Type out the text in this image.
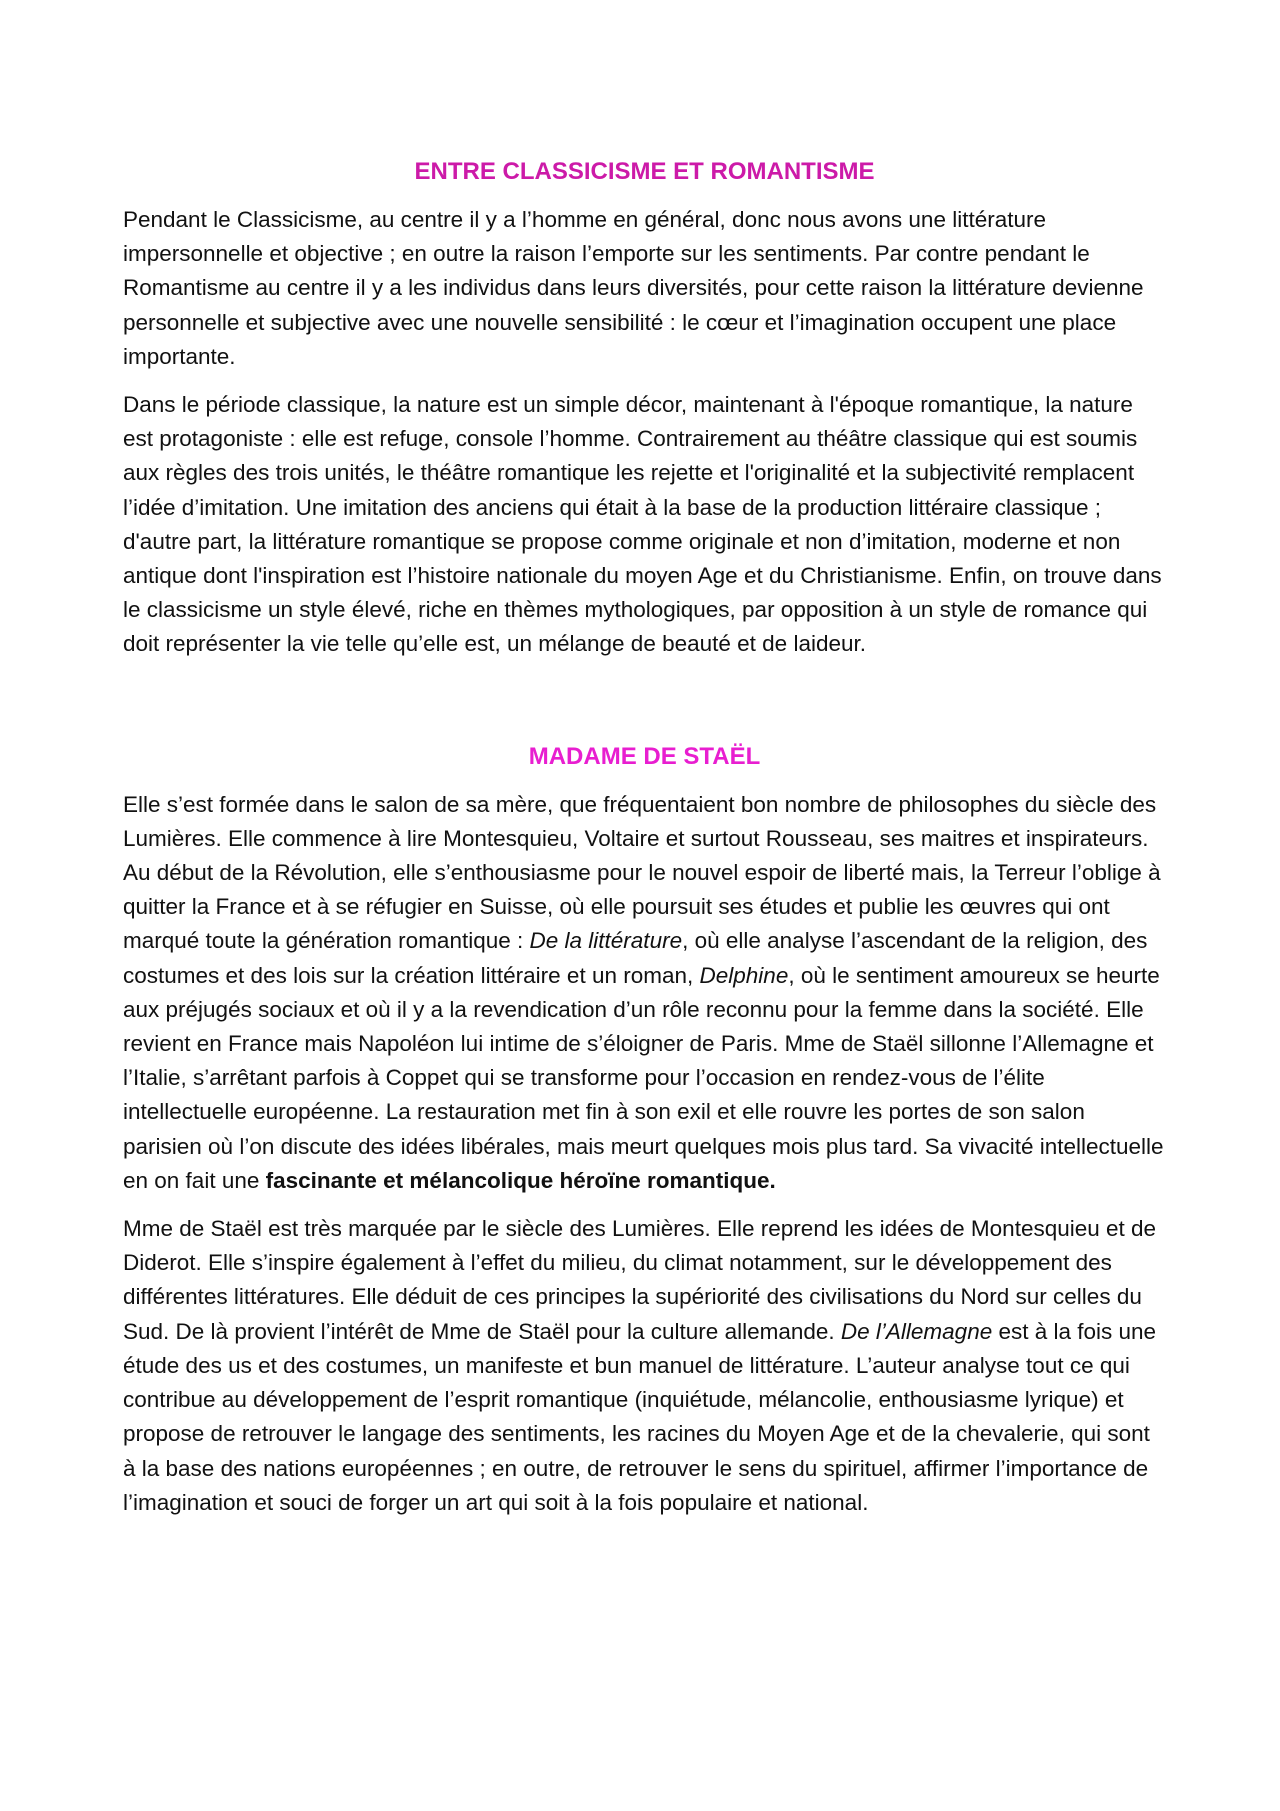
ENTRE CLASSICISME ET ROMANTISME

Pendant le Classicisme, au centre il y a l’homme en général, donc nous avons une littérature impersonnelle et objective ; en outre la raison l’emporte sur les sentiments. Par contre pendant le Romantisme au centre il y a les individus dans leurs diversités, pour cette raison la littérature devienne personnelle et subjective avec une nouvelle sensibilité : le cœur et l’imagination occupent une place importante.

Dans le période classique, la nature est un simple décor, maintenant à l'époque romantique, la nature est protagoniste : elle est refuge, console l’homme. Contrairement au théâtre classique qui est soumis aux règles des trois unités, le théâtre romantique les rejette et l'originalité et la subjectivité remplacent l’idée d’imitation. Une imitation des anciens qui était à la base de la production littéraire classique ; d'autre part, la littérature romantique se propose comme originale et non d’imitation, moderne et non antique dont l'inspiration est l’histoire nationale du moyen Age et du Christianisme. Enfin, on trouve dans le classicisme un style élevé, riche en thèmes mythologiques, par opposition à un style de romance qui doit représenter la vie telle qu’elle est, un mélange de beauté et de laideur.

MADAME DE STAËL

Elle s’est formée dans le salon de sa mère, que fréquentaient bon nombre de philosophes du siècle des Lumières. Elle commence à lire Montesquieu, Voltaire et surtout Rousseau, ses maitres et inspirateurs. Au début de la Révolution, elle s’enthousiasme pour le nouvel espoir de liberté mais, la Terreur l’oblige à quitter la France et à se réfugier en Suisse, où elle poursuit ses études et publie les œuvres qui ont marqué toute la génération romantique : De la littérature, où elle analyse l’ascendant de la religion, des costumes et des lois sur la création littéraire et un roman, Delphine, où le sentiment amoureux se heurte aux préjugés sociaux et où il y a la revendication d’un rôle reconnu pour la femme dans la société. Elle revient en France mais Napoléon lui intime de s’éloigner de Paris. Mme de Staël sillonne l’Allemagne et l’Italie, s’arrêtant parfois à Coppet qui se transforme pour l’occasion en rendez-vous de l’élite intellectuelle européenne. La restauration met fin à son exil et elle rouvre les portes de son salon parisien où l’on discute des idées libérales, mais meurt quelques mois plus tard. Sa vivacité intellectuelle en on fait une fascinante et mélancolique héroïne romantique.

Mme de Staël est très marquée par le siècle des Lumières. Elle reprend les idées de Montesquieu et de Diderot. Elle s’inspire également à l’effet du milieu, du climat notamment, sur le développement des différentes littératures. Elle déduit de ces principes la supériorité des civilisations du Nord sur celles du Sud. De là provient l’intérêt de Mme de Staël pour la culture allemande. De l’Allemagne est à la fois une étude des us et des costumes, un manifeste et bun manuel de littérature. L’auteur analyse tout ce qui contribue au développement de l’esprit romantique (inquiétude, mélancolie, enthousiasme lyrique) et propose de retrouver le langage des sentiments, les racines du Moyen Age et de la chevalerie, qui sont à la base des nations européennes ; en outre, de retrouver le sens du spirituel, affirmer l’importance de l’imagination et souci de forger un art qui soit à la fois populaire et national.
